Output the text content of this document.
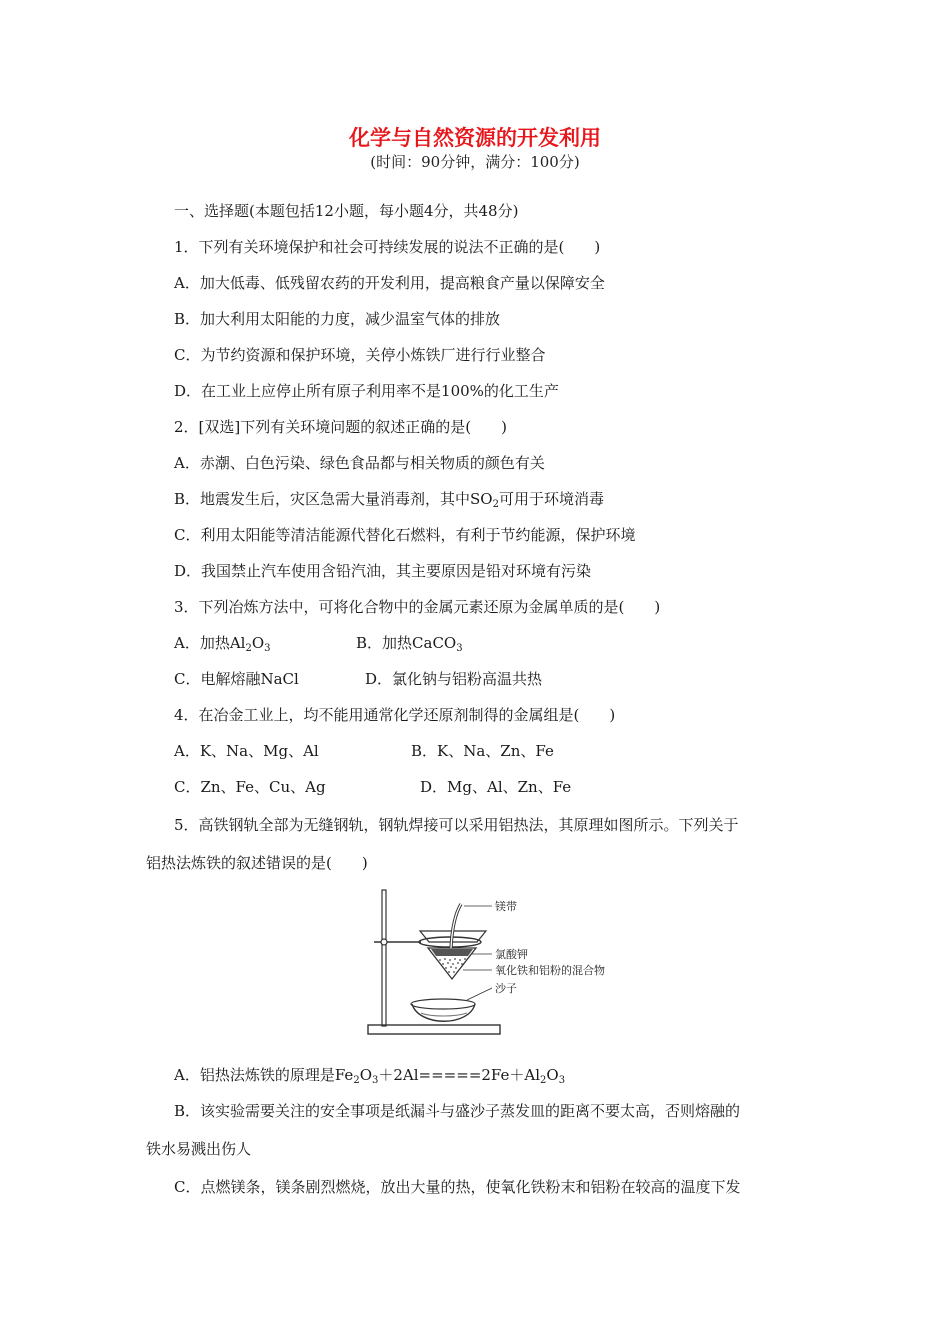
化学与自然资源的开发利用
(时间：90分钟，满分：100分)
一、选择题(本题包括12小题，每小题4分，共48分)
1．下列有关环境保护和社会可持续发展的说法不正确的是(　　)
A．加大低毒、低残留农药的开发利用，提高粮食产量以保障安全
B．加大利用太阳能的力度，减少温室气体的排放
C．为节约资源和保护环境，关停小炼铁厂进行行业整合
D．在工业上应停止所有原子利用率不是100%的化工生产
2．[双选]下列有关环境问题的叙述正确的是(　　)
A．赤潮、白色污染、绿色食品都与相关物质的颜色有关
B．地震发生后，灾区急需大量消毒剂，其中$SO_2$可用于环境消毒
C．利用太阳能等清洁能源代替化石燃料，有利于节约能源，保护环境
D．我国禁止汽车使用含铅汽油，其主要原因是铅对环境有污染
3．下列冶炼方法中，可将化合物中的金属元素还原为金属单质的是(　　)
A．加热$Al_2O_3$	B．加热CaCO$_3$
C．电解熔融NaCl	D．氯化钠与铝粉高温共热
4．在冶金工业上，均不能用通常化学还原剂制得的金属组是(　　)
A．K、Na、Mg、Al	B．K、Na、Zn、Fe
C．Zn、Fe、Cu、Ag	D．Mg、Al、Zn、Fe
5．高铁钢轨全部为无缝钢轨，钢轨焊接可以采用铝热法，其原理如图所示。下列关于
铝热法炼铁的叙述错误的是(　　)
镁带
氯酸钾
氧化铁和铝粉的混合物
沙子
A．铝热法炼铁的原理是$Fe_2O_3+2Al=====2Fe+Al_2O_3$
B．该实验需要关注的安全事项是纸漏斗与盛沙子蒸发皿的距离不要太高，否则熔融的
铁水易溅出伤人
C．点燃镁条，镁条剧烈燃烧，放出大量的热，使氧化铁粉末和铝粉在较高的温度下发
